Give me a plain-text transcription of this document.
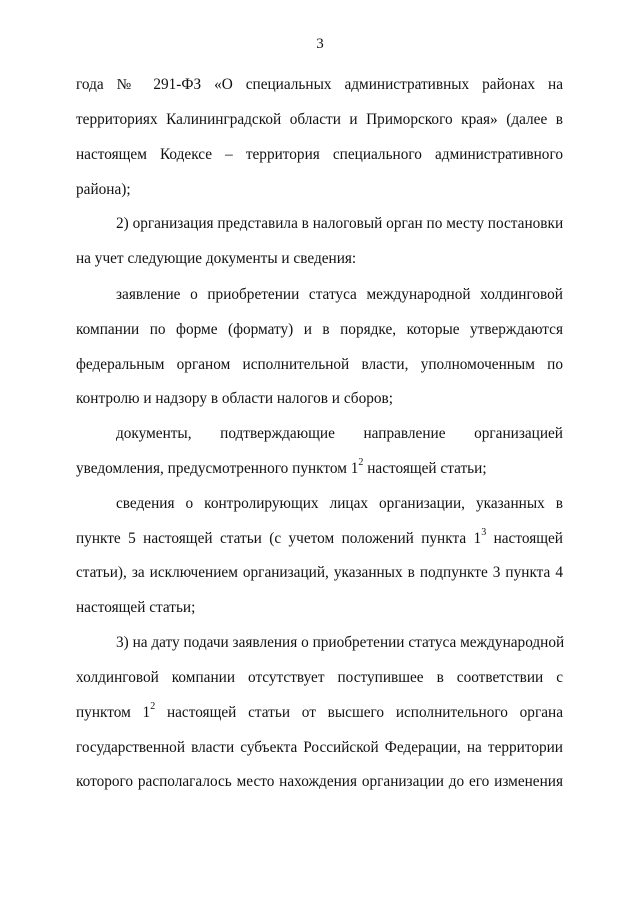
3
года № 291-ФЗ «О специальных административных районах на
территориях Калининградской области и Приморского края» (далее в
настоящем Кодексе – территория специального административного
района);
2) организация представила в налоговый орган по месту постановки
на учет следующие документы и сведения:
заявление о приобретении статуса международной холдинговой
компании по форме (формату) и в порядке, которые утверждаются
федеральным органом исполнительной власти, уполномоченным по
контролю и надзору в области налогов и сборов;
документы, подтверждающие направление организацией
уведомления, предусмотренного пунктом $1^2$ настоящей статьи;
сведения о контролирующих лицах организации, указанных в
пункте 5 настоящей статьи (с учетом положений пункта $1^3$ настоящей
статьи), за исключением организаций, указанных в подпункте 3 пункта 4
настоящей статьи;
3) на дату подачи заявления о приобретении статуса международной
холдинговой компании отсутствует поступившее в соответствии с
пунктом $1^2$ настоящей статьи от высшего исполнительного органа
государственной власти субъекта Российской Федерации, на территории
которого располагалось место нахождения организации до его изменения
